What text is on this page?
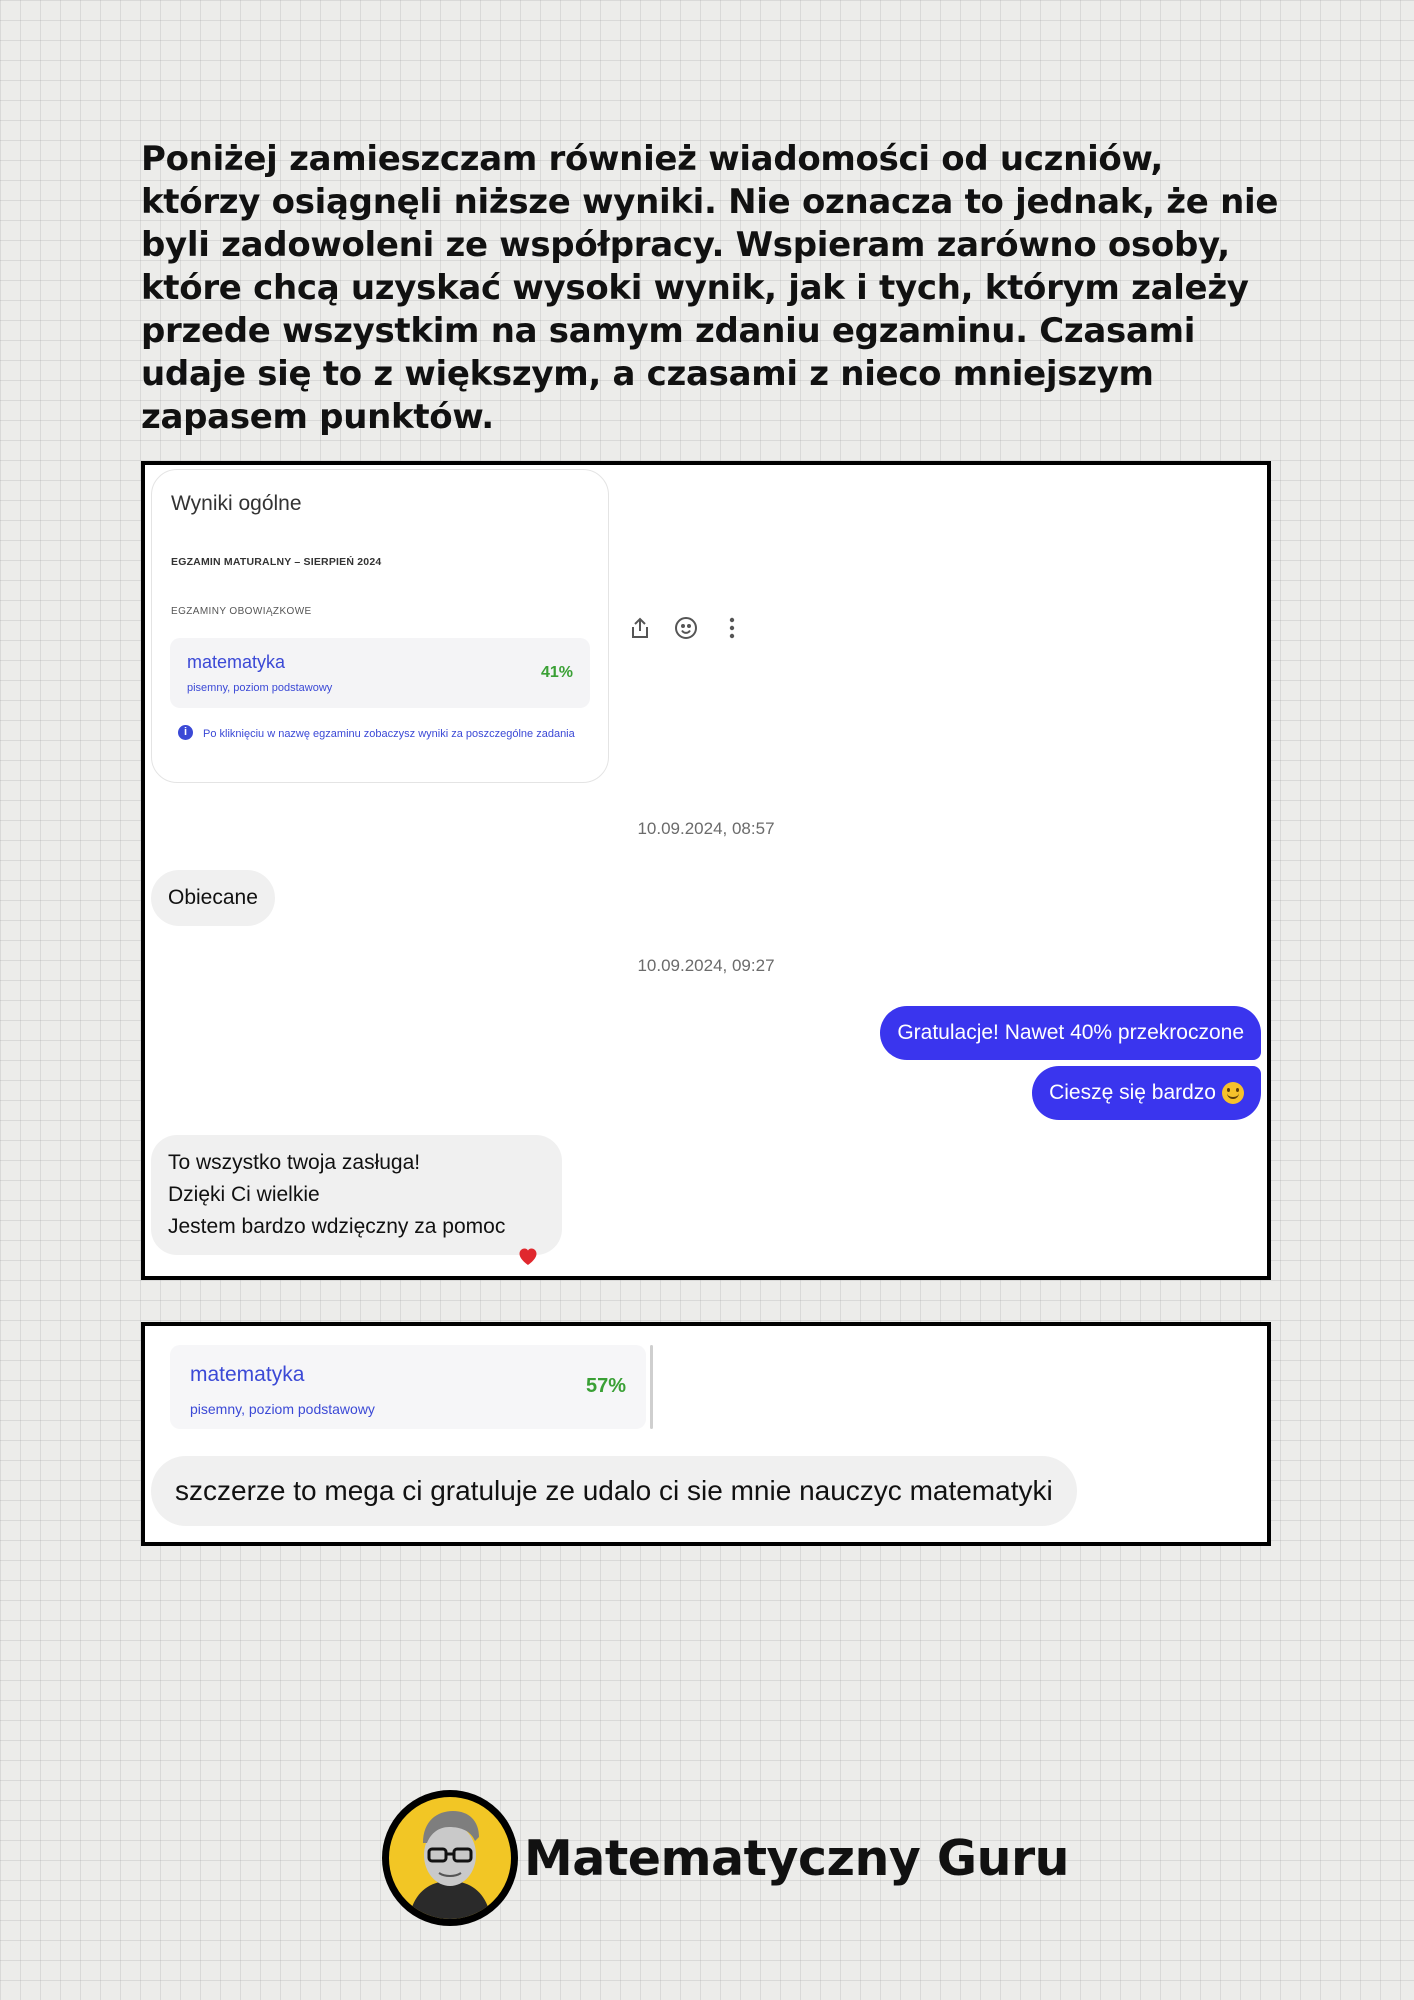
Poniżej zamieszczam również wiadomości od uczniów, którzy osiągnęli niższe wyniki. Nie oznacza to jednak, że nie byli zadowoleni ze współpracy. Wspieram zarówno osoby, które chcą uzyskać wysoki wynik, jak i tych, którym zależy przede wszystkim na samym zdaniu egzaminu. Czasami udaje się to z większym, a czasami z nieco mniejszym zapasem punktów.

Wyniki ogólne
EGZAMIN MATURALNY – SIERPIEŃ 2024
EGZAMINY OBOWIĄZKOWE
matematyka
pisemny, poziom podstawowy
41%
i	Po kliknięciu w nazwę egzaminu zobaczysz wyniki za poszczególne zadania
10.09.2024, 08:57
Obiecane
10.09.2024, 09:27
Gratulacje! Nawet 40% przekroczone
Cieszę się bardzo
To wszystko twoja zasługa!
Dzięki Ci wielkie
Jestem bardzo wdzięczny za pomoc
matematyka
pisemny, poziom podstawowy
57%
szczerze to mega ci gratuluje ze udalo ci sie mnie nauczyc matematyki
Matematyczny Guru
